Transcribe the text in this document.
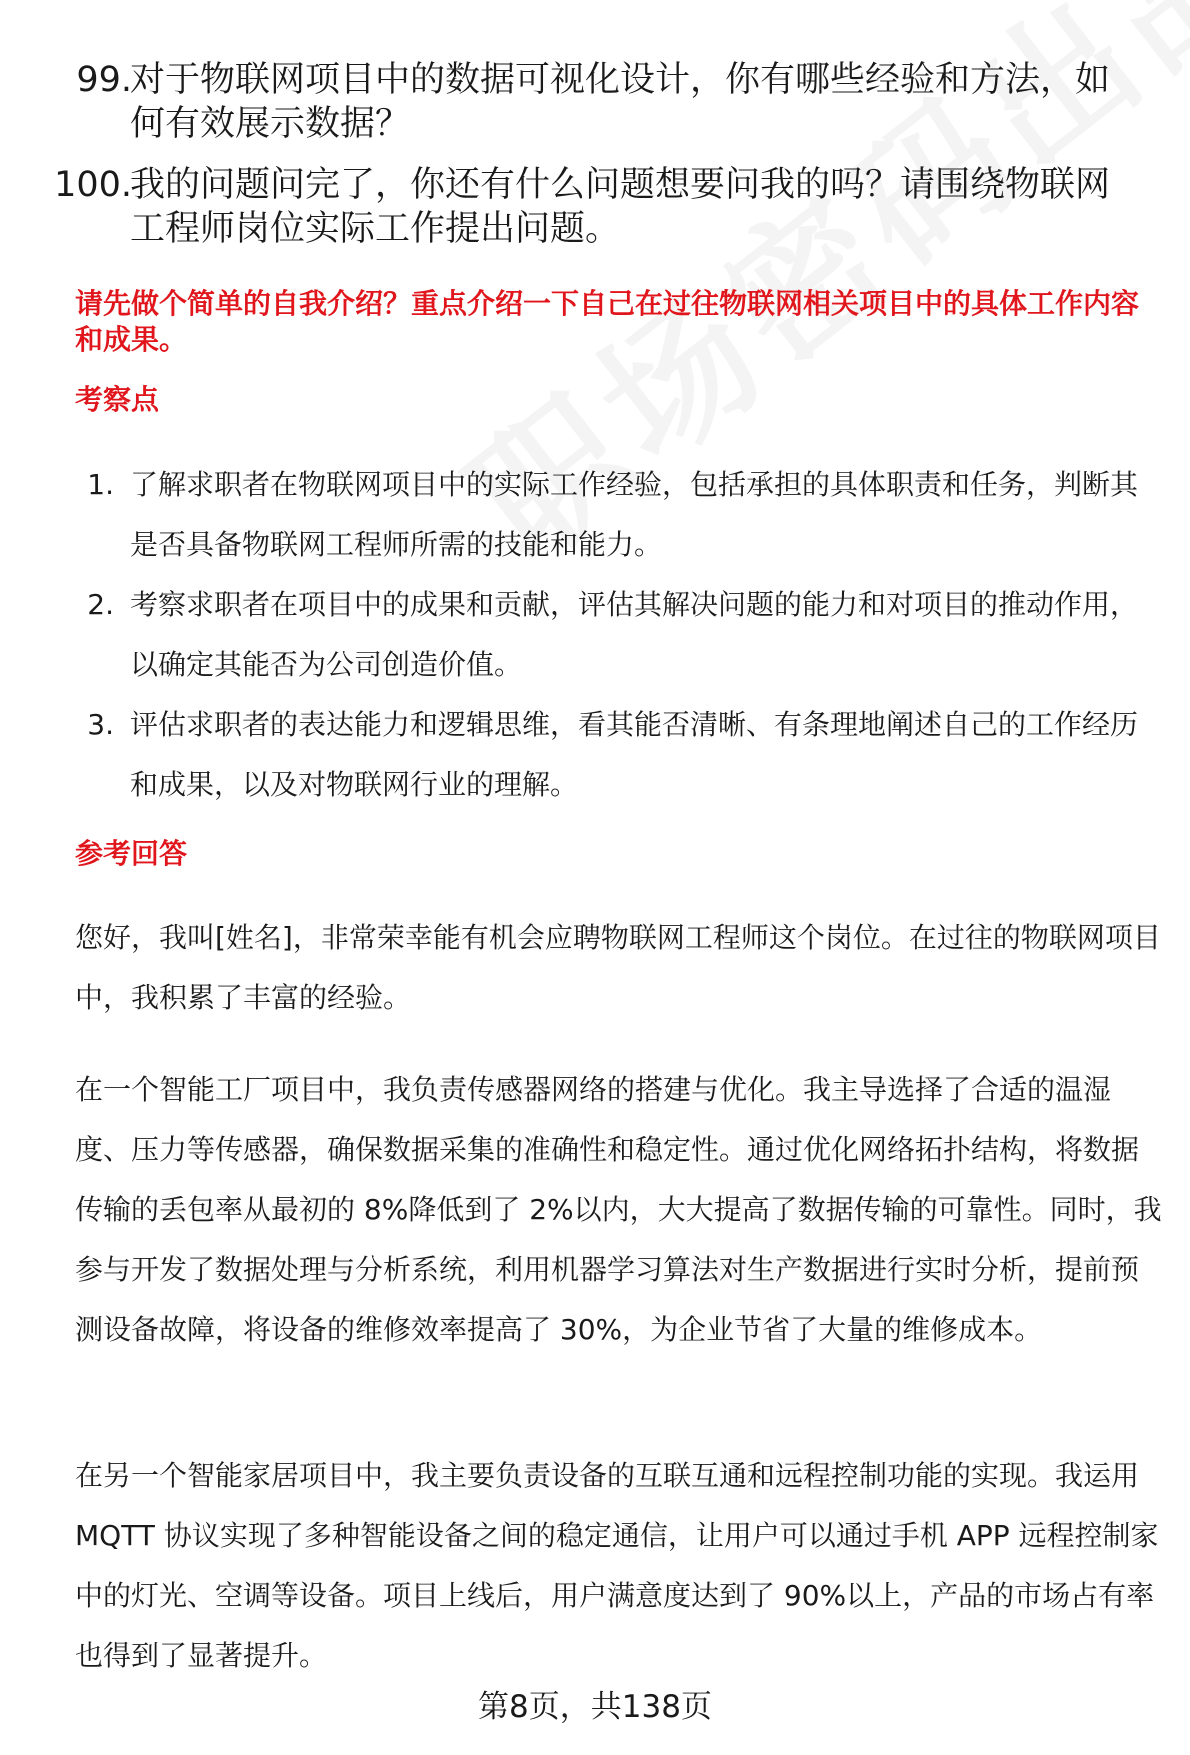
99.
对于物联网项目中的数据可视化设计，你有哪些经验和方法，如何有效展示数据？
100.
我的问题问完了，你还有什么问题想要问我的吗？请围绕物联网工程师岗位实际工作提出问题。
请先做个简单的自我介绍？重点介绍一下自己在过往物联网相关项目中的具体工作内容和成果。
考察点
1. 了解求职者在物联网项目中的实际工作经验，包括承担的具体职责和任务，判断其是否具备物联网工程师所需的技能和能力。
2. 考察求职者在项目中的成果和贡献，评估其解决问题的能力和对项目的推动作用，以确定其能否为公司创造价值。
3. 评估求职者的表达能力和逻辑思维，看其能否清晰、有条理地阐述自己的工作经历和成果，以及对物联网行业的理解。
参考回答

您好，我叫[姓名]，非常荣幸能有机会应聘物联网工程师这个岗位。在过往的物联网项目中，我积累了丰富的经验。

在一个智能工厂项目中，我负责传感器网络的搭建与优化。我主导选择了合适的温湿度、压力等传感器，确保数据采集的准确性和稳定性。通过优化网络拓扑结构，将数据传输的丢包率从最初的 8%降低到了 2%以内，大大提高了数据传输的可靠性。同时，我参与开发了数据处理与分析系统，利用机器学习算法对生产数据进行实时分析，提前预测设备故障，将设备的维修效率提高了 30%，为企业节省了大量的维修成本。

在另一个智能家居项目中，我主要负责设备的互联互通和远程控制功能的实现。我运用 MQTT 协议实现了多种智能设备之间的稳定通信，让用户可以通过手机 APP 远程控制家中的灯光、空调等设备。项目上线后，用户满意度达到了 90%以上，产品的市场占有率也得到了显著提升。

第8页，共138页
